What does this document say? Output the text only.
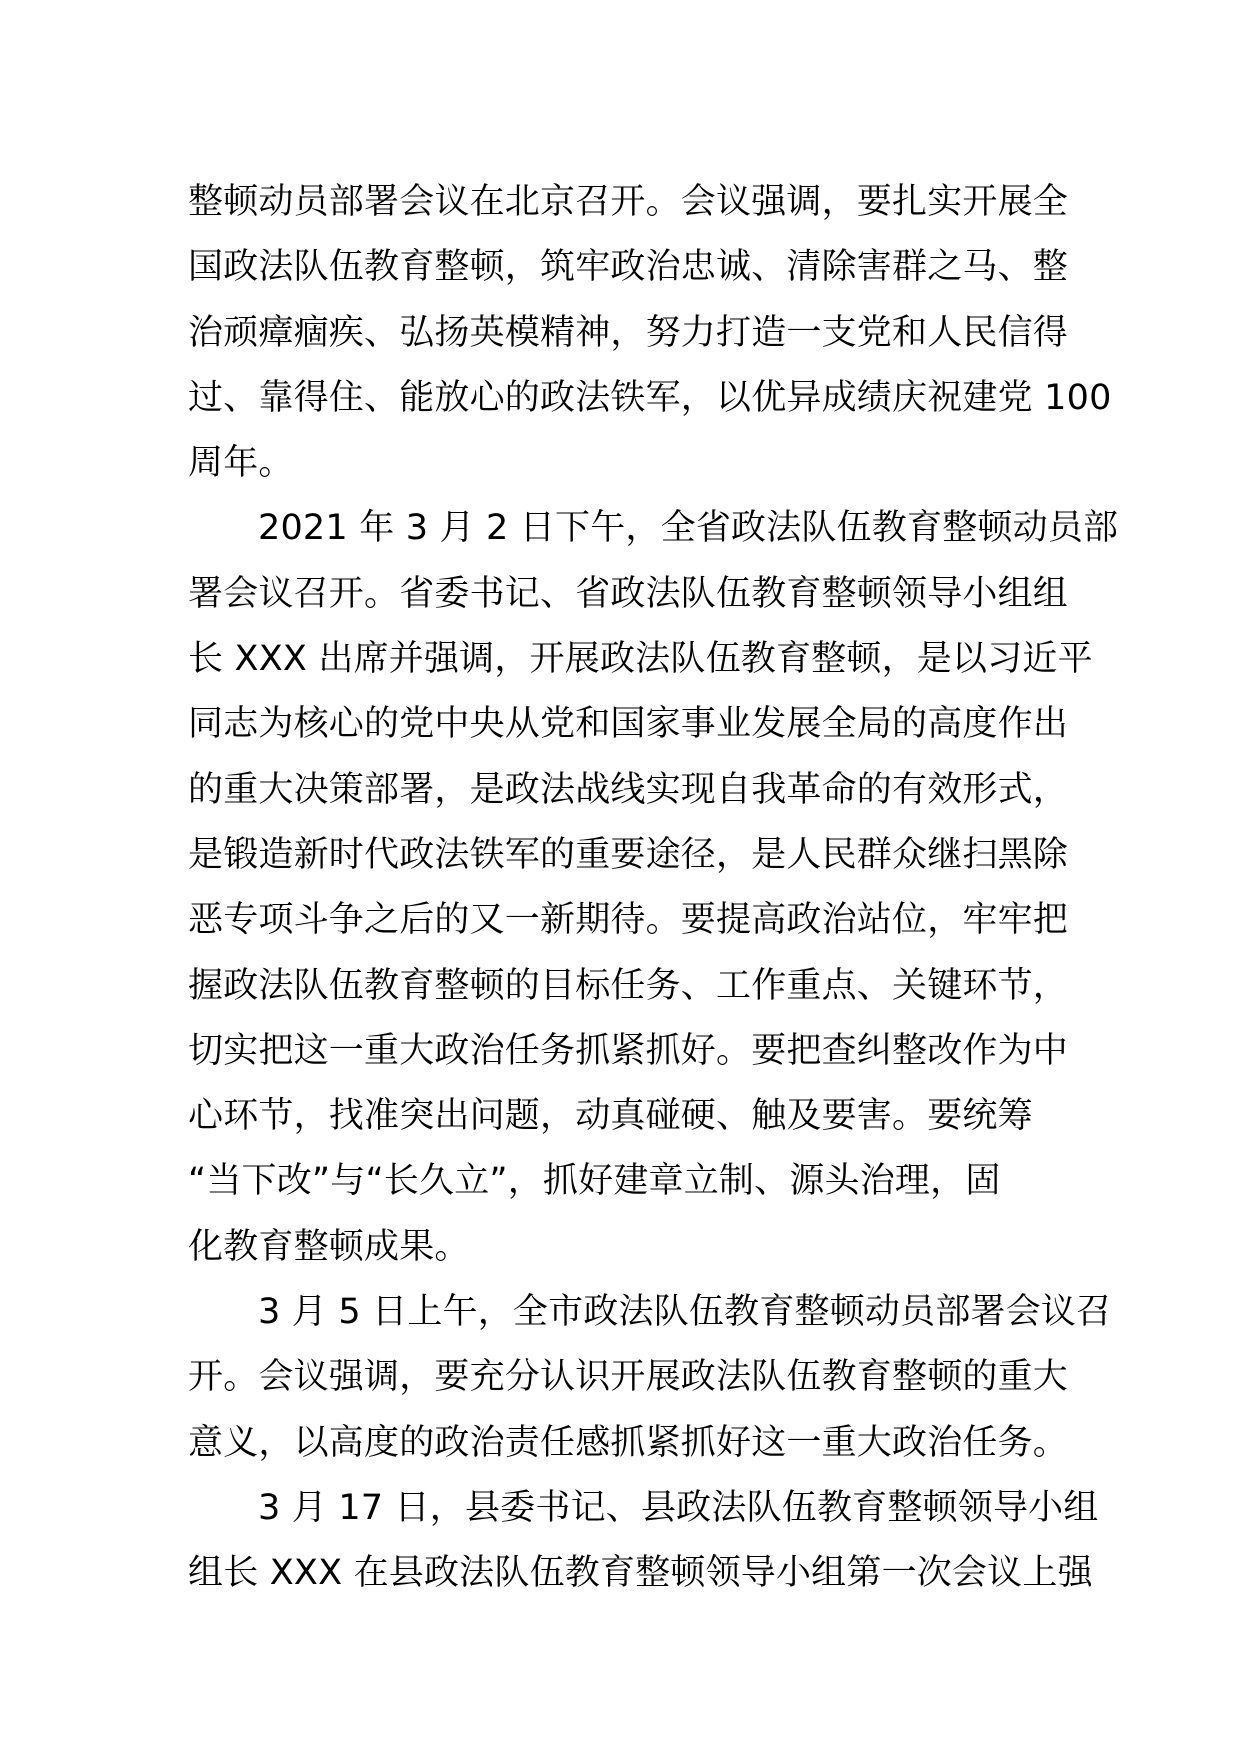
整顿动员部署会议在北京召开。会议强调，要扎实开展全
国政法队伍教育整顿，筑牢政治忠诚、清除害群之马、整
治顽瘴痼疾、弘扬英模精神，努力打造一支党和人民信得
过、靠得住、能放心的政法铁军，以优异成绩庆祝建党 100
周年。
2021 年 3 月 2 日下午，全省政法队伍教育整顿动员部
署会议召开。省委书记、省政法队伍教育整顿领导小组组
长 XXX 出席并强调，开展政法队伍教育整顿，是以习近平
同志为核心的党中央从党和国家事业发展全局的高度作出
的重大决策部署，是政法战线实现自我革命的有效形式，
是锻造新时代政法铁军的重要途径，是人民群众继扫黑除
恶专项斗争之后的又一新期待。要提高政治站位，牢牢把
握政法队伍教育整顿的目标任务、工作重点、关键环节，
切实把这一重大政治任务抓紧抓好。要把查纠整改作为中
心环节，找准突出问题，动真碰硬、触及要害。要统筹
“当下改”与“长久立”，抓好建章立制、源头治理，固
化教育整顿成果。
3 月 5 日上午，全市政法队伍教育整顿动员部署会议召
开。会议强调，要充分认识开展政法队伍教育整顿的重大
意义，以高度的政治责任感抓紧抓好这一重大政治任务。
3 月 17 日，县委书记、县政法队伍教育整顿领导小组
组长 XXX 在县政法队伍教育整顿领导小组第一次会议上强
